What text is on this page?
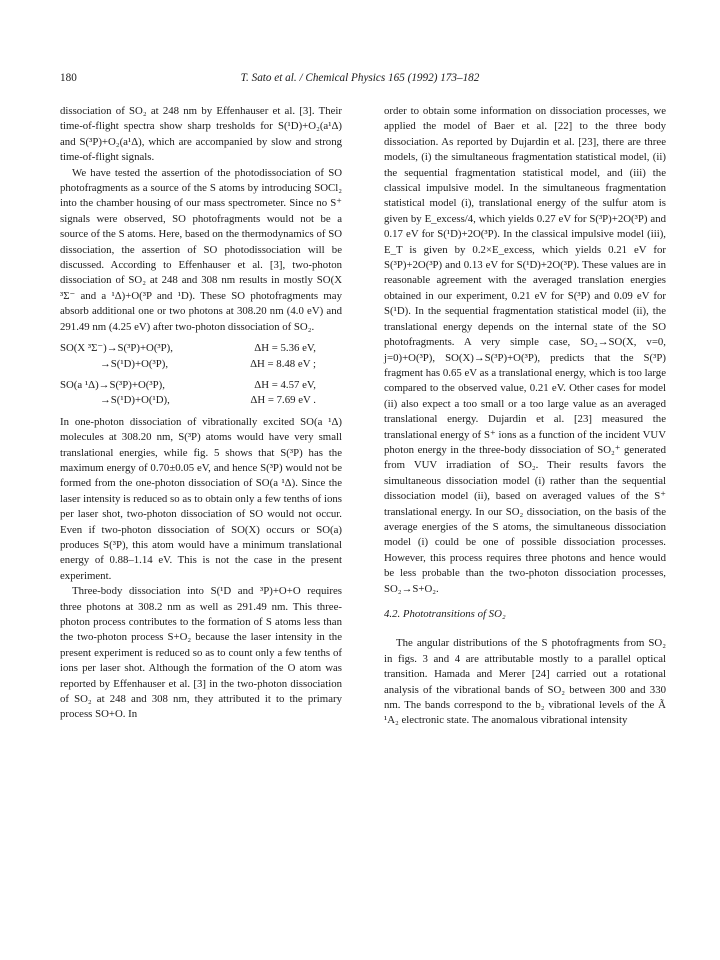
180	T. Sato et al. / Chemical Physics 165 (1992) 173–182

dissociation of SO₂ at 248 nm by Effenhauser et al. [3]. Their time-of-flight spectra show sharp tresholds for S(¹D)+O₂(a¹Δ) and S(³P)+O₂(a¹Δ), which are accompanied by slow and strong time-of-flight signals.

We have tested the assertion of the photodissociation of SO photofragments as a source of the S atoms by introducing SOCl₂ into the chamber housing of our mass spectrometer. Since no S⁺ signals were observed, SO photofragments would not be a source of the S atoms. Here, based on the thermodynamics of SO dissociation, the assertion of SO photodissociation will be discussed. According to Effenhauser et al. [3], two-photon dissociation of SO₂ at 248 and 308 nm results in mostly SO(X ³Σ⁻ and a ¹Δ)+O(³P and ¹D). These SO photofragments may absorb additional one or two photons at 308.20 nm (4.0 eV) and 291.49 nm (4.25 eV) after two-photon dissociation of SO₂.

SO(X ³Σ⁻)→S(³P)+O(³P),	ΔH = 5.36 eV,
→S(¹D)+O(³P),	ΔH = 8.48 eV ;
SO(a ¹Δ)→S(³P)+O(³P),	ΔH = 4.57 eV,
→S(¹D)+O(¹D),	ΔH = 7.69 eV .

In one-photon dissociation of vibrationally excited SO(a ¹Δ) molecules at 308.20 nm, S(³P) atoms would have very small translational energies, while fig. 5 shows that S(³P) has the maximum energy of 0.70±0.05 eV, and hence S(³P) would not be formed from the one-photon dissociation of SO(a ¹Δ). Since the laser intensity is reduced so as to obtain only a few tenths of ions per laser shot, two-photon dissociation of SO would not occur. Even if two-photon dissociation of SO(X) occurs or SO(a) produces S(³P), this atom would have a minimum translational energy of 0.88–1.14 eV. This is not the case in the present experiment.

Three-body dissociation into S(¹D and ³P)+O+O requires three photons at 308.2 nm as well as 291.49 nm. This three-photon process contributes to the formation of S atoms less than the two-photon process S+O₂ because the laser intensity in the present experiment is reduced so as to count only a few tenths of ions per laser shot. Although the formation of the O atom was reported by Effenhauser et al. [3] in the two-photon dissociation of SO₂ at 248 and 308 nm, they attributed it to the primary process SO+O. In

order to obtain some information on dissociation processes, we applied the model of Baer et al. [22] to the three body dissociation. As reported by Dujardin et al. [23], there are three models, (i) the simultaneous fragmentation statistical model, (ii) the sequential fragmentation statistical model, and (iii) the classical impulsive model. In the simultaneous fragmentation statistical model (i), translational energy of the sulfur atom is given by E_excess/4, which yields 0.27 eV for S(³P)+2O(³P) and 0.17 eV for S(¹D)+2O(³P). In the classical impulsive model (iii), E_T is given by 0.2×E_excess, which yields 0.21 eV for S(³P)+2O(³P) and 0.13 eV for S(¹D)+2O(³P). These values are in reasonable agreement with the averaged translation energies obtained in our experiment, 0.21 eV for S(³P) and 0.09 eV for S(¹D). In the sequential fragmentation statistical model (ii), the translational energy depends on the internal state of the SO photofragments. A very simple case, SO₂→SO(X, v=0, j=0)+O(³P), SO(X)→S(³P)+O(³P), predicts that the S(³P) fragment has 0.65 eV as a translational energy, which is too large compared to the observed value, 0.21 eV. Other cases for model (ii) also expect a too small or a too large value as an averaged translational energy. Dujardin et al. [23] measured the translational energy of S⁺ ions as a function of the incident VUV photon energy in the three-body dissociation of SO₂⁺ generated from VUV irradiation of SO₂. Their results favors the simultaneous dissociation model (i) rather than the sequential dissociation model (ii), based on averaged values of the S⁺ translational energy. In our SO₂ dissociation, on the basis of the average energies of the S atoms, the simultaneous dissociation model (i) could be one of possible dissociation processes. However, this process requires three photons and hence would be less probable than the two-photon dissociation processes, SO₂→S+O₂.

4.2. Phototransitions of SO₂

The angular distributions of the S photofragments from SO₂ in figs. 3 and 4 are attributable mostly to a parallel optical transition. Hamada and Merer [24] carried out a rotational analysis of the vibrational bands of SO₂ between 300 and 330 nm. The bands correspond to the b₂ vibrational levels of the Ã ¹A₂ electronic state. The anomalous vibrational intensity
